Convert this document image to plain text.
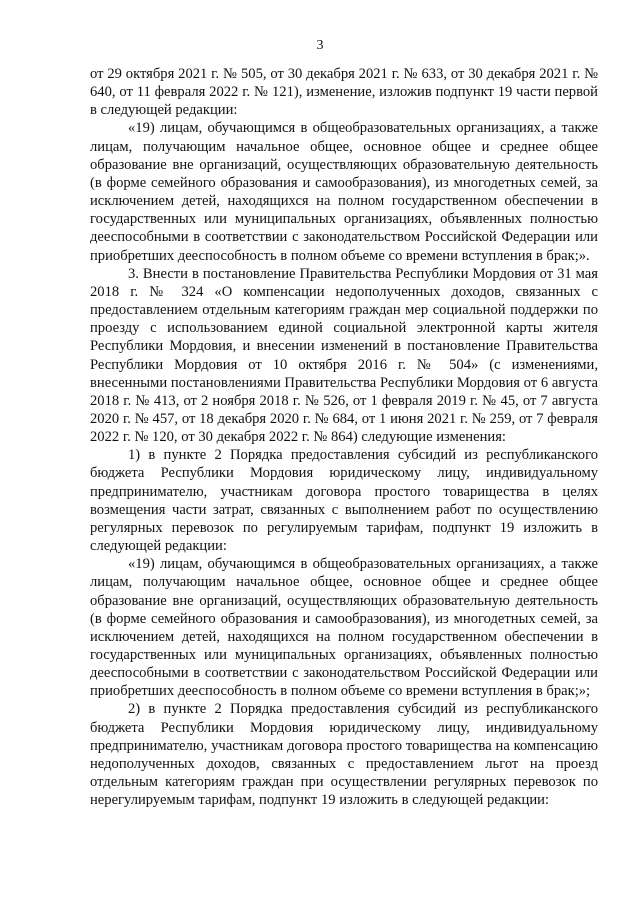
3

от 29 октября 2021 г. № 505, от 30 декабря 2021 г. № 633, от 30 декабря 2021 г. № 640, от 11 февраля 2022 г. № 121), изменение, изложив подпункт 19 части первой в следующей редакции:

«19) лицам, обучающимся в общеобразовательных организациях, а также лицам, получающим начальное общее, основное общее и среднее общее образование вне организаций, осуществляющих образовательную деятельность (в форме семейного образования и самообразования), из многодетных семей, за исключением детей, находящихся на полном государственном обеспечении в государственных или муниципальных организациях, объявленных полностью дееспособными в соответствии с законодательством Российской Федерации или приобретших дееспособность в полном объеме со времени вступления в брак;».

3. Внести в постановление Правительства Республики Мордовия от 31 мая 2018 г. № 324 «О компенсации недополученных доходов, связанных с предоставлением отдельным категориям граждан мер социальной поддержки по проезду с использованием единой социальной электронной карты жителя Республики Мордовия, и внесении изменений в постановление Правительства Республики Мордовия от 10 октября 2016 г. № 504» (с изменениями, внесенными постановлениями Правительства Республики Мордовия от 6 августа 2018 г. № 413, от 2 ноября 2018 г. № 526, от 1 февраля 2019 г. № 45, от 7 августа 2020 г. № 457, от 18 декабря 2020 г. № 684, от 1 июня 2021 г. № 259, от 7 февраля 2022 г. № 120, от 30 декабря 2022 г. № 864) следующие изменения:

1) в пункте 2 Порядка предоставления субсидий из республиканского бюджета Республики Мордовия юридическому лицу, индивидуальному предпринимателю, участникам договора простого товарищества в целях возмещения части затрат, связанных с выполнением работ по осуществлению регулярных перевозок по регулируемым тарифам, подпункт 19 изложить в следующей редакции:

«19) лицам, обучающимся в общеобразовательных организациях, а также лицам, получающим начальное общее, основное общее и среднее общее образование вне организаций, осуществляющих образовательную деятельность (в форме семейного образования и самообразования), из многодетных семей, за исключением детей, находящихся на полном государственном обеспечении в государственных или муниципальных организациях, объявленных полностью дееспособными в соответствии с законодательством Российской Федерации или приобретших дееспособность в полном объеме со времени вступления в брак;»;

2) в пункте 2 Порядка предоставления субсидий из республиканского бюджета Республики Мордовия юридическому лицу, индивидуальному предпринимателю, участникам договора простого товарищества на компенсацию недополученных доходов, связанных с предоставлением льгот на проезд отдельным категориям граждан при осуществлении регулярных перевозок по нерегулируемым тарифам, подпункт 19 изложить в следующей редакции:
